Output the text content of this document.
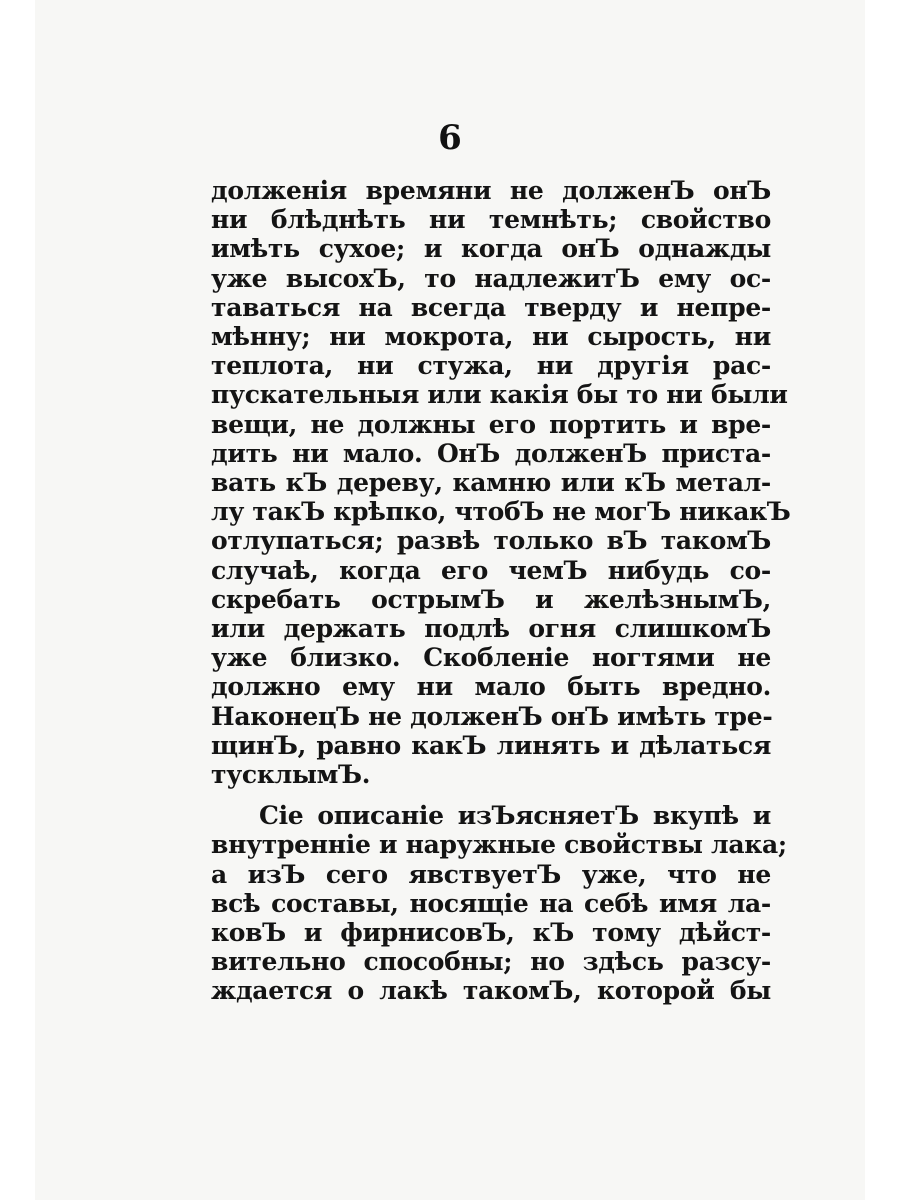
6
долженія времяни не долженЪ онЪ
ни блѣднѣть ни темнѣть; свойство
имѣть сухое; и когда онЪ однажды
уже высохЪ, то надлежитЪ ему ос-
таваться на всегда тверду и непре-
мѣнну; ни мокрота, ни сырость, ни
теплота, ни стужа, ни другія рас-
пускательныя или какія бы то ни были
вещи, не должны его портить и вре-
дить ни мало. ОнЪ долженЪ приста-
вать кЪ дереву, камню или кЪ метал-
лу такЪ крѣпко, чтобЪ не могЪ никакЪ
отлупаться; развѣ только вЪ такомЪ
случаѣ, когда его чемЪ нибудь со-
скребать острымЪ и желѣзнымЪ,
или держать подлѣ огня слишкомЪ
уже близко. Скобленіе ногтями не
должно ему ни мало быть вредно.
НаконецЪ не долженЪ онЪ имѣть тре-
щинЪ, равно какЪ линять и дѣлаться
тусклымЪ.
Сіе описаніе изЪясняетЪ вкупѣ и
внутренніе и наружные свойствы лака;
а изЪ сего явствуетЪ уже, что не
всѣ составы, носящіе на себѣ имя ла-
ковЪ и фирнисовЪ, кЪ тому дѣйст-
вительно способны; но здѣсь разсу-
ждается о лакѣ такомЪ, которой бы
